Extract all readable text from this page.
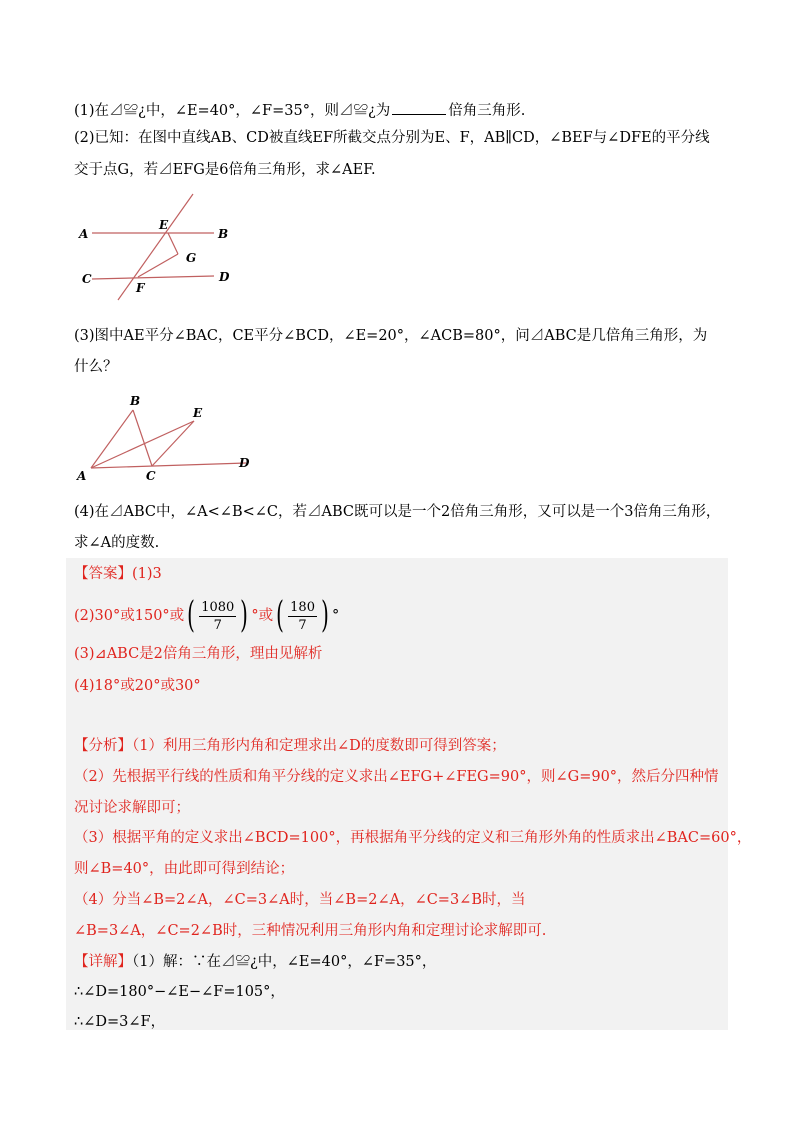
(1)在⊿≌¿中，∠E=40°，∠F=35°，则⊿≌¿为	倍角三角形.
(2)已知：在图中直线AB、CD被直线EF所截交点分别为E、F，AB∥CD，∠BEF与∠DFE的平分线
交于点G，若⊿EFG是6倍角三角形，求∠AEF.
A	B
E
G
C	D
F
(3)图中AE平分∠BAC，CE平分∠BCD，∠E=20°，∠ACB=80°，问⊿ABC是几倍角三角形，为
什么？
A
B
C
E
D
(4)在⊿ABC中，∠A<∠B<∠C，若⊿ABC既可以是一个2倍角三角形，又可以是一个3倍角三角形，
求∠A的度数.
【答案】(1)3
(2)30°或150°或( $\frac{1080}{7}$ ) °或( $\frac{180}{7}$ ) °
(3)⊿ABC是2倍角三角形，理由见解析
(4)18°或20°或30°
【分析】（1）利用三角形内角和定理求出∠D的度数即可得到答案；
（2）先根据平行线的性质和角平分线的定义求出∠EFG+∠FEG=90°，则∠G=90°，然后分四种情
况讨论求解即可；
（3）根据平角的定义求出∠BCD=100°，再根据角平分线的定义和三角形外角的性质求出∠BAC=60°，
则∠B=40°，由此即可得到结论；
（4）分当∠B=2∠A，∠C=3∠A时，当∠B=2∠A，∠C=3∠B时，当
∠B=3∠A，∠C=2∠B时，三种情况利用三角形内角和定理讨论求解即可.
【详解】（1）解：∵在⊿≌¿中，∠E=40°，∠F=35°，
∴∠D=180°−∠E−∠F=105°，
∴∠D=3∠F，
